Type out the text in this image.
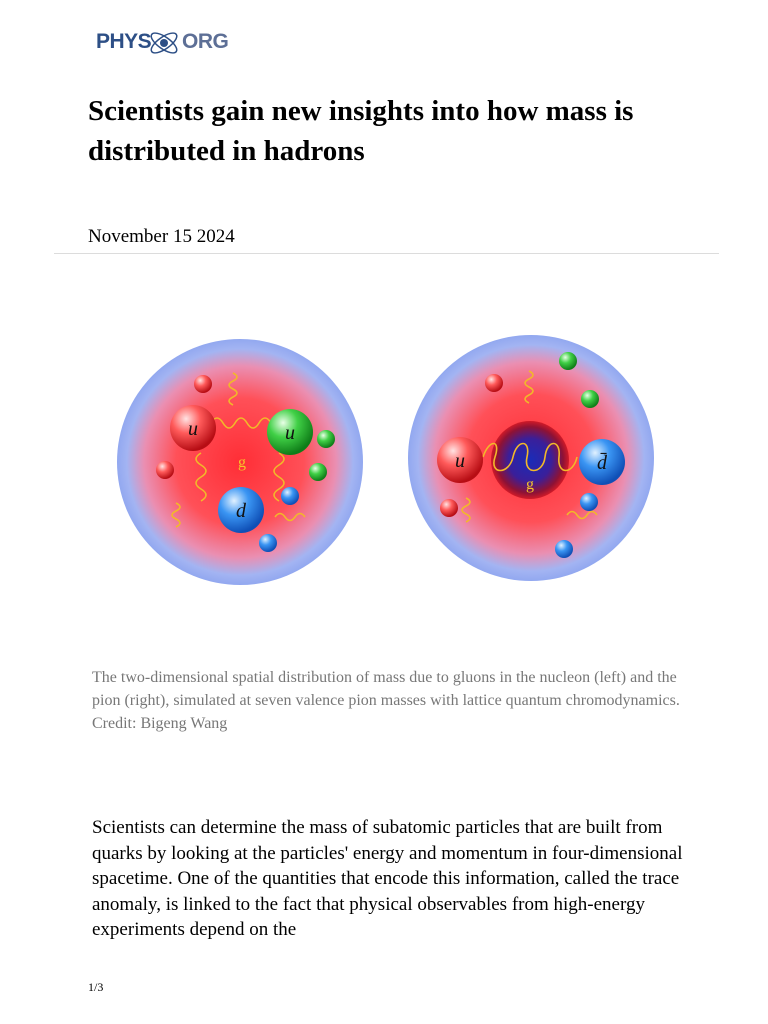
PHYS ORG
Scientists gain new insights into how mass is distributed in hadrons
November 15 2024
u	u
d
g	u	d̄
g

The two-dimensional spatial distribution of mass due to gluons in the nucleon (left) and the pion (right), simulated at seven valence pion masses with lattice quantum chromodynamics. Credit: Bigeng Wang

Scientists can determine the mass of subatomic particles that are built from quarks by looking at the particles' energy and momentum in four-dimensional spacetime. One of the quantities that encode this information, called the trace anomaly, is linked to the fact that physical observables from high-energy experiments depend on the

1/3
